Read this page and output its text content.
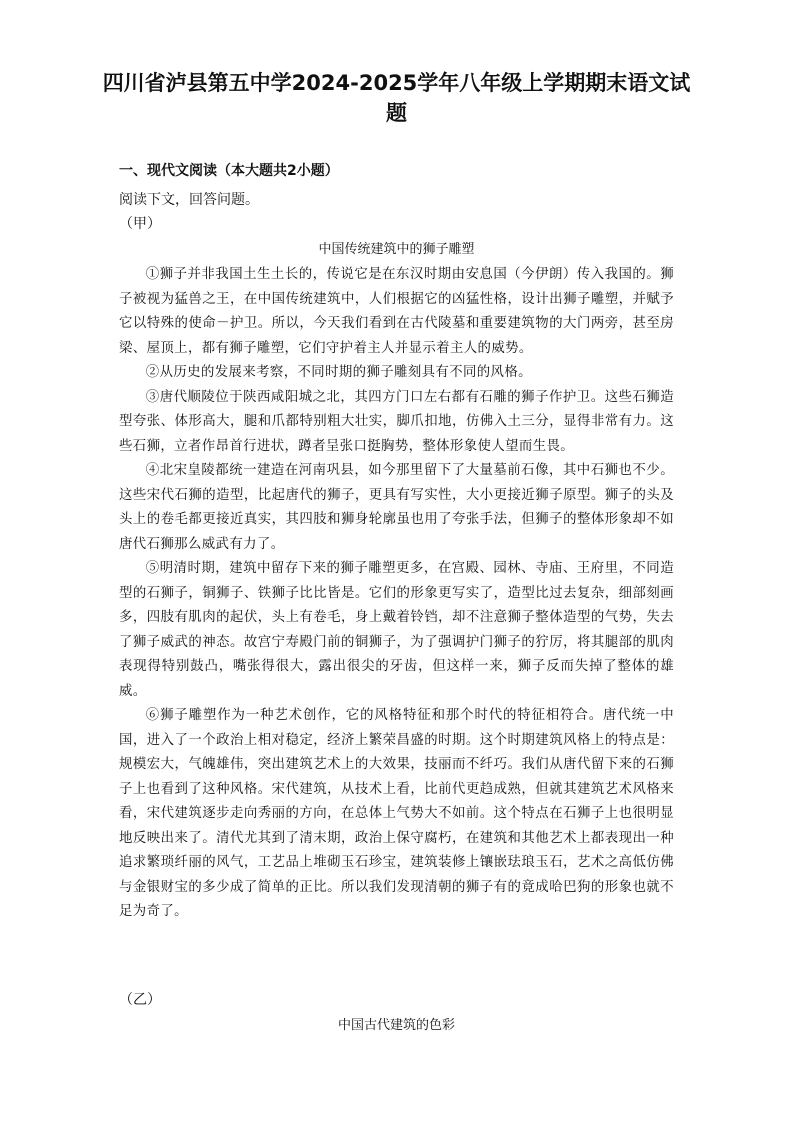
四川省泸县第五中学2024-2025学年八年级上学期期末语文试题
一、现代文阅读（本大题共2小题）
阅读下文，回答问题。
（甲）
中国传统建筑中的狮子雕塑

①狮子并非我国土生土长的，传说它是在东汉时期由安息国（今伊朗）传入我国的。狮子被视为猛兽之王，在中国传统建筑中，人们根据它的凶猛性格，设计出狮子雕塑，并赋予它以特殊的使命－护卫。所以，今天我们看到在古代陵墓和重要建筑物的大门两旁，甚至房梁、屋顶上，都有狮子雕塑，它们守护着主人并显示着主人的威势。

②从历史的发展来考察，不同时期的狮子雕刻具有不同的风格。

③唐代顺陵位于陕西咸阳城之北，其四方门口左右都有石雕的狮子作护卫。这些石狮造型夸张、体形高大，腿和爪都特别粗大壮实，脚爪扣地，仿佛入土三分，显得非常有力。这些石狮，立者作昂首行进状，蹲者呈张口挺胸势，整体形象使人望而生畏。

④北宋皇陵都统一建造在河南巩县，如今那里留下了大量墓前石像，其中石狮也不少。这些宋代石狮的造型，比起唐代的狮子，更具有写实性，大小更接近狮子原型。狮子的头及头上的卷毛都更接近真实，其四肢和狮身轮廓虽也用了夸张手法，但狮子的整体形象却不如唐代石狮那么威武有力了。

⑤明清时期，建筑中留存下来的狮子雕塑更多，在宫殿、园林、寺庙、王府里，不同造型的石狮子，铜狮子、铁狮子比比皆是。它们的形象更写实了，造型比过去复杂，细部刻画多，四肢有肌肉的起伏，头上有卷毛，身上戴着铃铛，却不注意狮子整体造型的气势，失去了狮子威武的神态。故宫宁寿殿门前的铜狮子，为了强调护门狮子的狞厉，将其腿部的肌肉表现得特别鼓凸，嘴张得很大，露出很尖的牙齿，但这样一来，狮子反而失掉了整体的雄威。

⑥狮子雕塑作为一种艺术创作，它的风格特征和那个时代的特征相符合。唐代统一中国，进入了一个政治上相对稳定，经济上繁荣昌盛的时期。这个时期建筑风格上的特点是：规模宏大，气魄雄伟，突出建筑艺术上的大效果，技丽而不纤巧。我们从唐代留下来的石狮子上也看到了这种风格。宋代建筑，从技术上看，比前代更趋成熟，但就其建筑艺术风格来看，宋代建筑逐步走向秀丽的方向，在总体上气势大不如前。这个特点在石狮子上也很明显地反映出来了。清代尤其到了清末期，政治上保守腐朽，在建筑和其他艺术上都表现出一种追求繁琐纤丽的风气，工艺品上堆砌玉石珍宝，建筑装修上镶嵌珐琅玉石，艺术之高低仿佛与金银财宝的多少成了简单的正比。所以我们发现清朝的狮子有的竟成哈巴狗的形象也就不足为奇了。

（乙）
中国古代建筑的色彩
